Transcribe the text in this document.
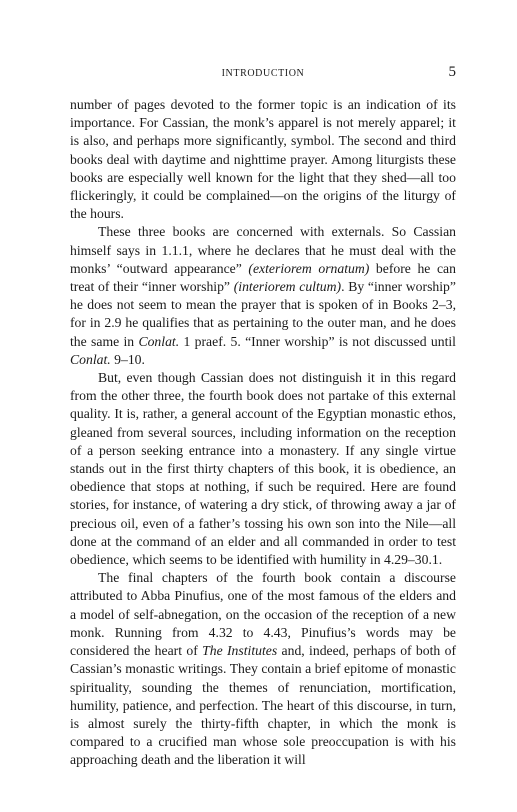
INTRODUCTION	5

number of pages devoted to the former topic is an indication of its importance. For Cassian, the monk’s apparel is not merely apparel; it is also, and perhaps more significantly, symbol. The second and third books deal with daytime and nighttime prayer. Among liturgists these books are especially well known for the light that they shed—all too flickeringly, it could be complained—on the origins of the liturgy of the hours.

These three books are concerned with externals. So Cassian himself says in 1.1.1, where he declares that he must deal with the monks’ “outward appearance” (exteriorem ornatum) before he can treat of their “inner worship” (interiorem cultum). By “inner worship” he does not seem to mean the prayer that is spoken of in Books 2–3, for in 2.9 he qualifies that as pertaining to the outer man, and he does the same in Conlat. 1 praef. 5. “Inner worship” is not discussed until Conlat. 9–10.

But, even though Cassian does not distinguish it in this regard from the other three, the fourth book does not partake of this external quality. It is, rather, a general account of the Egyptian monastic ethos, gleaned from several sources, including information on the reception of a person seeking entrance into a monastery. If any single virtue stands out in the first thirty chapters of this book, it is obedience, an obedience that stops at nothing, if such be required. Here are found stories, for instance, of watering a dry stick, of throwing away a jar of precious oil, even of a father’s tossing his own son into the Nile—all done at the command of an elder and all commanded in order to test obedience, which seems to be identified with humility in 4.29–30.1.

The final chapters of the fourth book contain a discourse attributed to Abba Pinufius, one of the most famous of the elders and a model of self-abnegation, on the occasion of the reception of a new monk. Running from 4.32 to 4.43, Pinufius’s words may be considered the heart of The Institutes and, indeed, perhaps of both of Cassian’s monastic writings. They contain a brief epitome of monastic spirituality, sounding the themes of renunciation, mortification, humility, patience, and perfection. The heart of this discourse, in turn, is almost surely the thirty-fifth chapter, in which the monk is compared to a crucified man whose sole preoccupation is with his approaching death and the liberation it will
